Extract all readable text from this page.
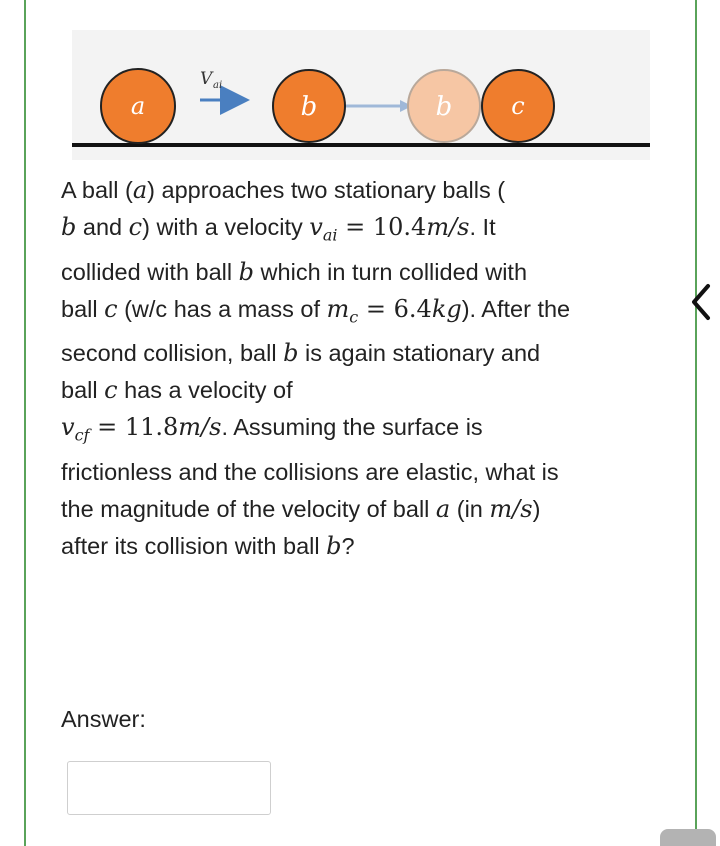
V ai
a	b	b c
A ball (a) approaches two stationary balls (
b and c) with a velocity $v_{ai} = 10.4m/s$. It
collided with ball b which in turn collided with
ball c (w/c has a mass of $m_c = 6.4kg$). After the
second collision, ball b is again stationary and
ball c has a velocity of
$v_{cf} = 11.8m/s$. Assuming the surface is
frictionless and the collisions are elastic, what is
the magnitude of the velocity of ball a (in m/s)
after its collision with ball b?
Answer:
